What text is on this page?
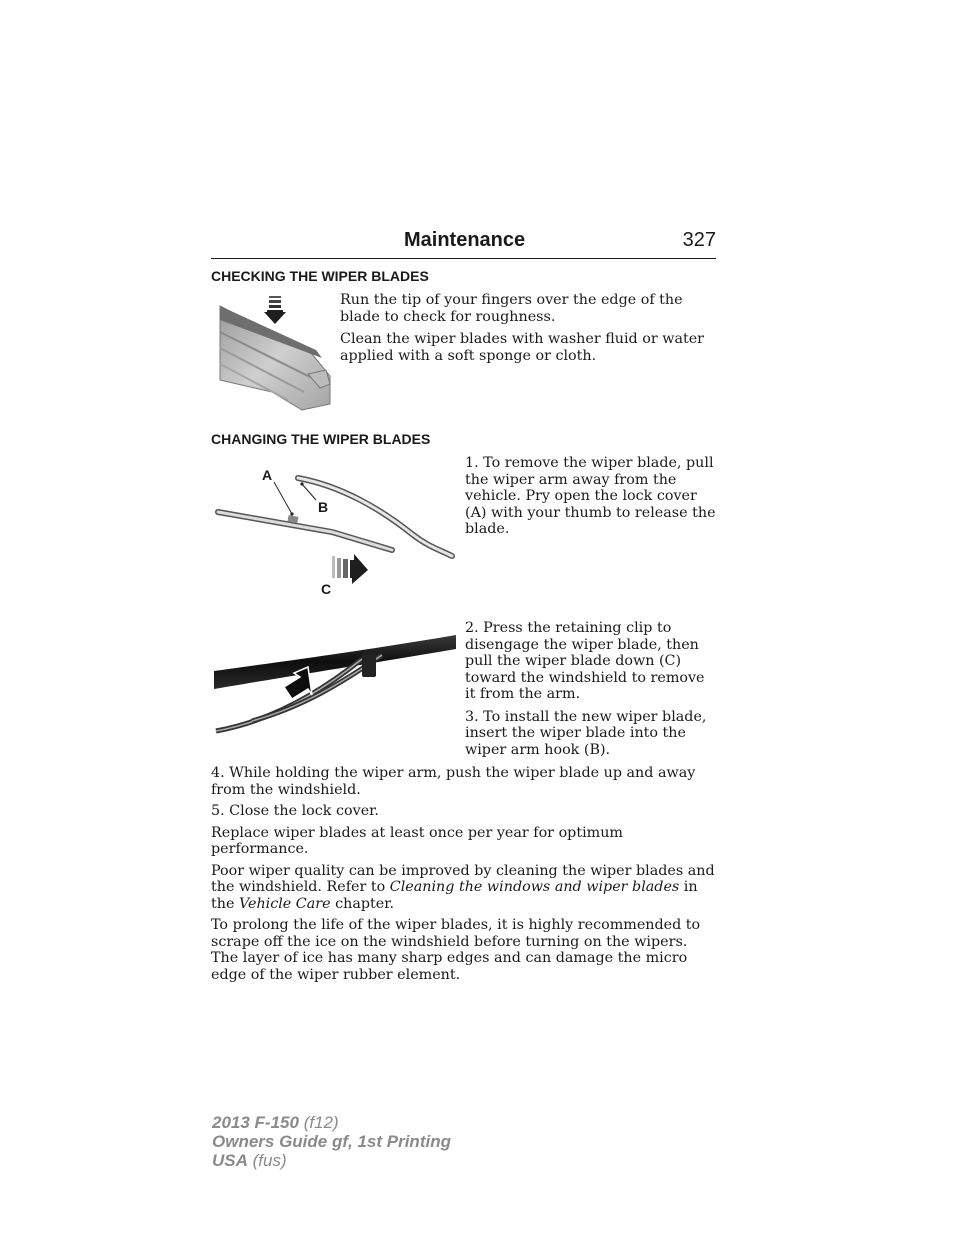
Maintenance	327
CHECKING THE WIPER BLADES

Run the tip of your fingers over the edge of the blade to check for roughness.

Clean the wiper blades with washer fluid or water applied with a soft sponge or cloth.

CHANGING THE WIPER BLADES
A
B
C

1. To remove the wiper blade, pull the wiper arm away from the vehicle. Pry open the lock cover (A) with your thumb to release the blade.

2. Press the retaining clip to disengage the wiper blade, then pull the wiper blade down (C) toward the windshield to remove it from the arm.

3. To install the new wiper blade, insert the wiper blade into the wiper arm hook (B).

4. While holding the wiper arm, push the wiper blade up and away from the windshield.

5. Close the lock cover.

Replace wiper blades at least once per year for optimum performance.

Poor wiper quality can be improved by cleaning the wiper blades and the windshield. Refer to Cleaning the windows and wiper blades in the Vehicle Care chapter.

To prolong the life of the wiper blades, it is highly recommended to scrape off the ice on the windshield before turning on the wipers. The layer of ice has many sharp edges and can damage the micro edge of the wiper rubber element.

2013 F-150 (f12)
Owners Guide gf, 1st Printing
USA (fus)
